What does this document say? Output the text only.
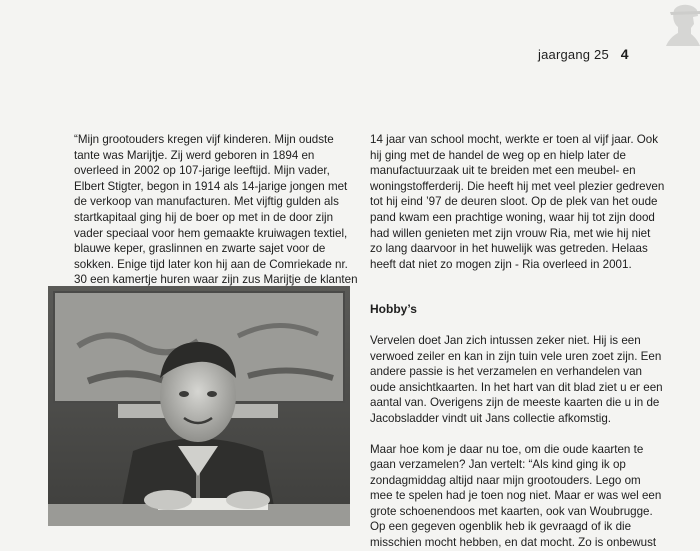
jaargang 25 4

“Mijn grootouders kregen vijf kinderen. Mijn oudste tante was Marijtje. Zij werd geboren in 1894 en overleed in 2002 op 107-jarige leeftijd. Mijn vader, Elbert Stigter, begon in 1914 als 14-jarige jongen met de verkoop van manufacturen. Met vijftig gulden als startkapitaal ging hij de boer op met in de door zijn vader speciaal voor hem gemaakte kruiwagen textiel, blauwe keper, graslinnen en zwarte sajet voor de sokken. Enige tijd later kon hij aan de Comriekade nr. 30 een kamertje huren waar zijn zus Marijtje de klanten

14 jaar van school mocht, werkte er toen al vijf jaar. Ook hij ging met de handel de weg op en hielp later de manufactuurzaak uit te breiden met een meubel- en woningstofferderij. Die heeft hij met veel plezier gedreven tot hij eind ’97 de deuren sloot. Op de plek van het oude pand kwam een prachtige woning, waar hij tot zijn dood had willen genieten met zijn vrouw Ria, met wie hij niet zo lang daarvoor in het huwelijk was getreden. Helaas heeft dat niet zo mogen zijn - Ria overleed in 2001.

Hobby’s

Vervelen doet Jan zich intussen zeker niet. Hij is een verwoed zeiler en kan in zijn tuin vele uren zoet zijn. Een andere passie is het verzamelen en verhandelen van oude ansichtkaarten. In het hart van dit blad ziet u er een aantal van. Overigens zijn de meeste kaarten die u in de Jacobsladder vindt uit Jans collectie afkomstig.

Maar hoe kom je daar nu toe, om die oude kaarten te gaan verzamelen? Jan vertelt: “Als kind ging ik op zondagmiddag altijd naar mijn grootouders. Lego om mee te spelen had je toen nog niet. Maar er was wel een grote schoenendoos met kaarten, ook van Woubrugge. Op een gegeven ogenblik heb ik gevraagd of ik die misschien mocht hebben, en dat mocht. Zo is onbewust
